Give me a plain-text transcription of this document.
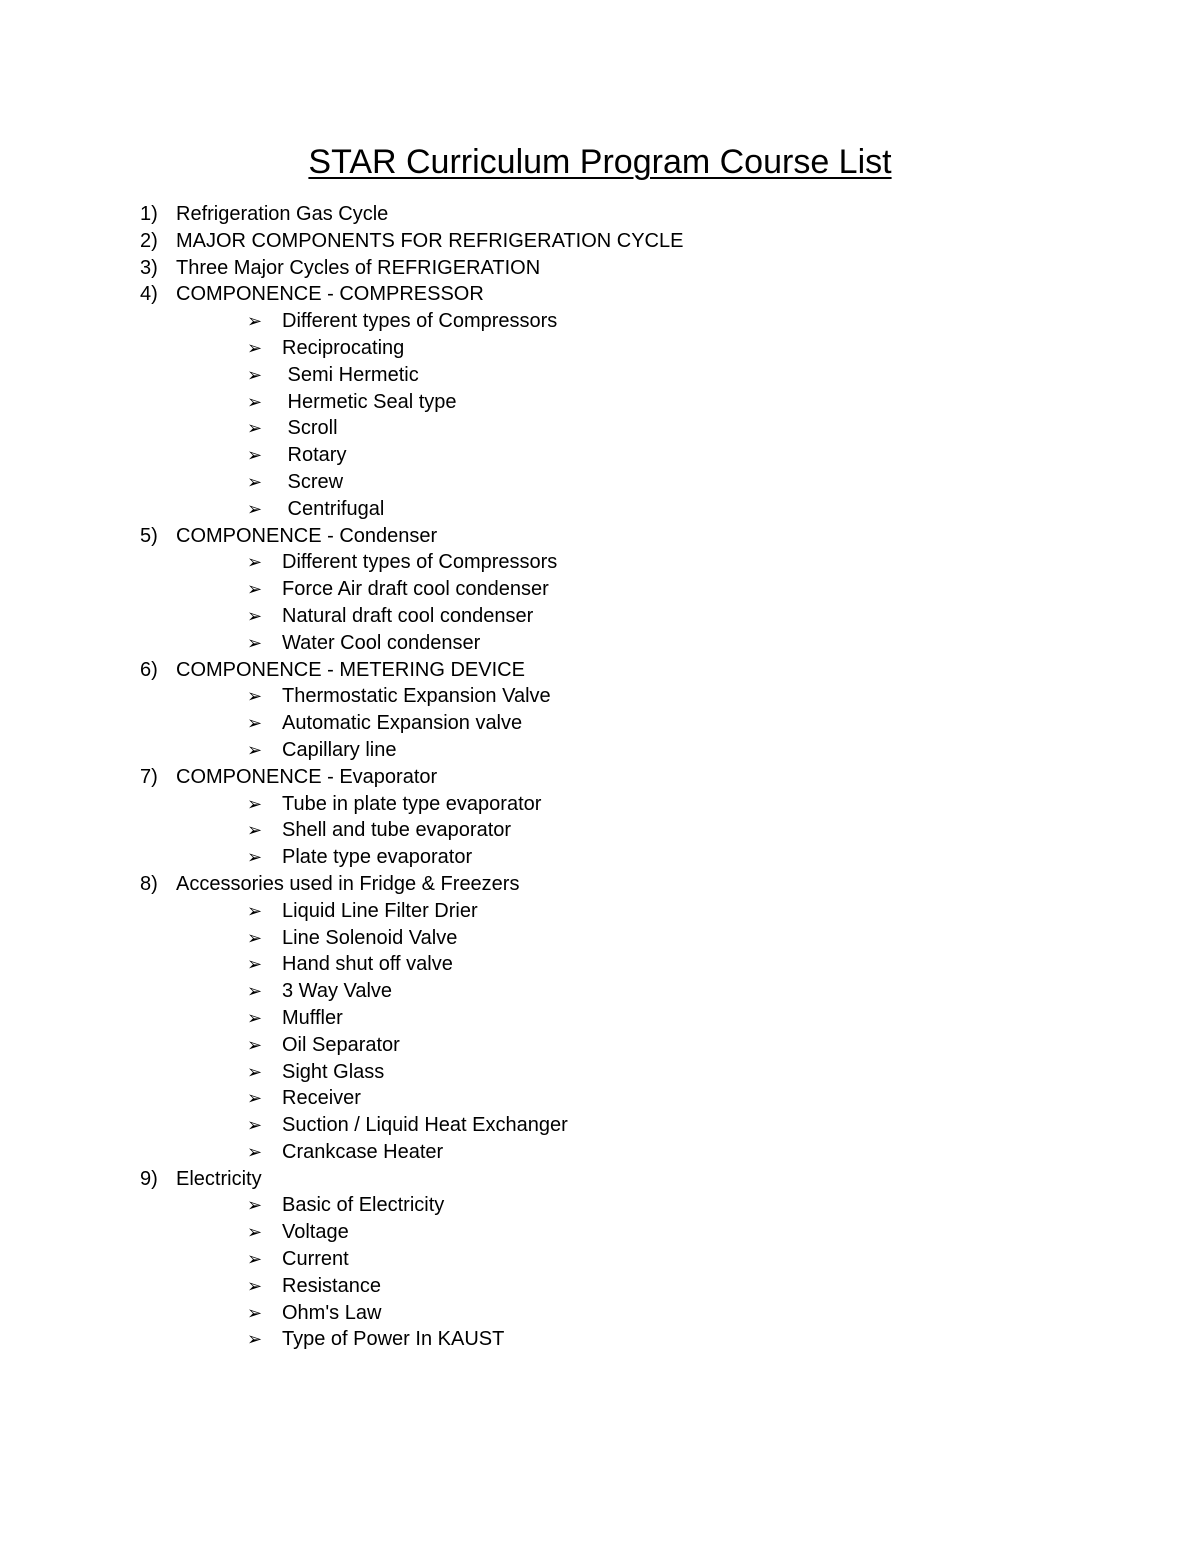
STAR Curriculum Program Course List
1) Refrigeration Gas Cycle
2) MAJOR COMPONENTS FOR REFRIGERATION CYCLE
3) Three Major Cycles of REFRIGERATION
4) COMPONENCE - COMPRESSOR
➢ Different types of Compressors
➢ Reciprocating
➢ Semi Hermetic
➢ Hermetic Seal type
➢ Scroll
➢ Rotary
➢ Screw
➢ Centrifugal
5) COMPONENCE - Condenser
➢ Different types of Compressors
➢ Force Air draft cool condenser
➢ Natural draft cool condenser
➢ Water Cool condenser
6) COMPONENCE - METERING DEVICE
➢ Thermostatic Expansion Valve
➢ Automatic Expansion valve
➢ Capillary line
7) COMPONENCE - Evaporator
➢ Tube in plate type evaporator
➢ Shell and tube evaporator
➢ Plate type evaporator
8) Accessories used in Fridge & Freezers
➢ Liquid Line Filter Drier
➢ Line Solenoid Valve
➢ Hand shut off valve
➢ 3 Way Valve
➢ Muffler
➢ Oil Separator
➢ Sight Glass
➢ Receiver
➢ Suction / Liquid Heat Exchanger
➢ Crankcase Heater
9) Electricity
➢ Basic of Electricity
➢ Voltage
➢ Current
➢ Resistance
➢ Ohm's Law
➢ Type of Power In KAUST
